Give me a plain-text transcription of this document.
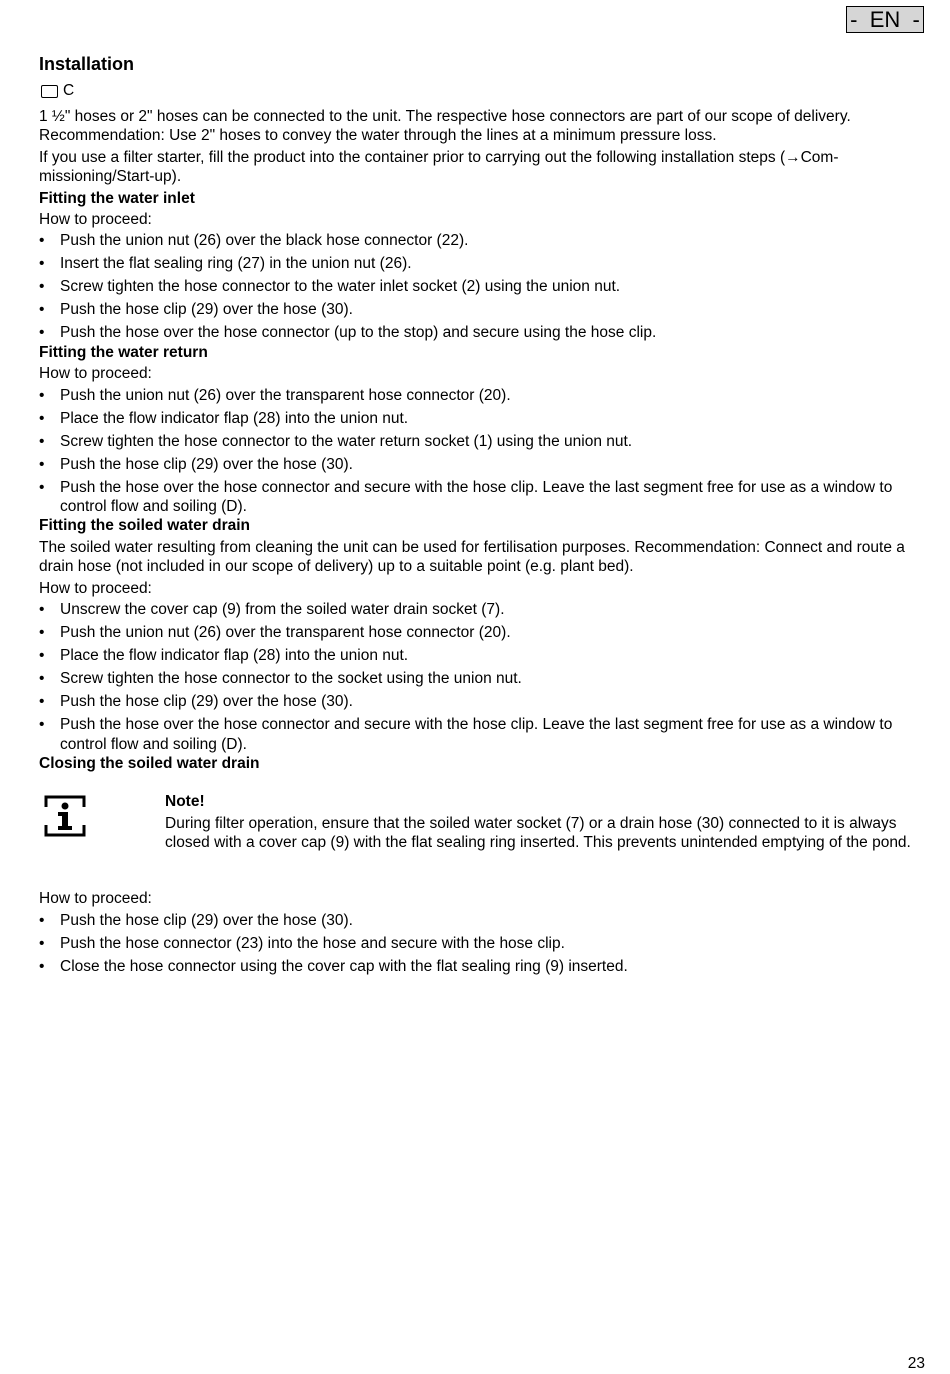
-  EN  -
Installation
C

1 ½" hoses or 2" hoses can be connected to the unit. The respective hose connectors are part of our scope of delivery. Recommendation: Use 2" hoses to convey the water through the lines at a minimum pressure loss.

If you use a filter starter, fill the product into the container prior to carrying out the following installation steps (→Com-missioning/Start-up).

Fitting the water inlet

How to proceed:

• Push the union nut (26) over the black hose connector (22).
• Insert the flat sealing ring (27) in the union nut (26).
• Screw tighten the hose connector to the water inlet socket (2) using the union nut.
• Push the hose clip (29) over the hose (30).
• Push the hose over the hose connector (up to the stop) and secure using the hose clip.
Fitting the water return

How to proceed:

• Push the union nut (26) over the transparent hose connector (20).
• Place the flow indicator flap (28) into the union nut.
• Screw tighten the hose connector to the water return socket (1) using the union nut.
• Push the hose clip (29) over the hose (30).
• Push the hose over the hose connector and secure with the hose clip. Leave the last segment free for use as a window to control flow and soiling (D).
Fitting the soiled water drain

The soiled water resulting from cleaning the unit can be used for fertilisation purposes. Recommendation: Connect and route a drain hose (not included in our scope of delivery) up to a suitable point (e.g. plant bed).

How to proceed:

• Unscrew the cover cap (9) from the soiled water drain socket (7).
• Push the union nut (26) over the transparent hose connector (20).
• Place the flow indicator flap (28) into the union nut.
• Screw tighten the hose connector to the socket using the union nut.
• Push the hose clip (29) over the hose (30).
• Push the hose over the hose connector and secure with the hose clip. Leave the last segment free for use as a window to control flow and soiling (D).
Closing the soiled water drain
Note!

During filter operation, ensure that the soiled water socket (7) or a drain hose (30) connected to it is always closed with a cover cap (9) with the flat sealing ring inserted. This prevents unintended emptying of the pond.

How to proceed:

• Push the hose clip (29) over the hose (30).
• Push the hose connector (23) into the hose and secure with the hose clip.
• Close the hose connector using the cover cap with the flat sealing ring (9) inserted.
23
